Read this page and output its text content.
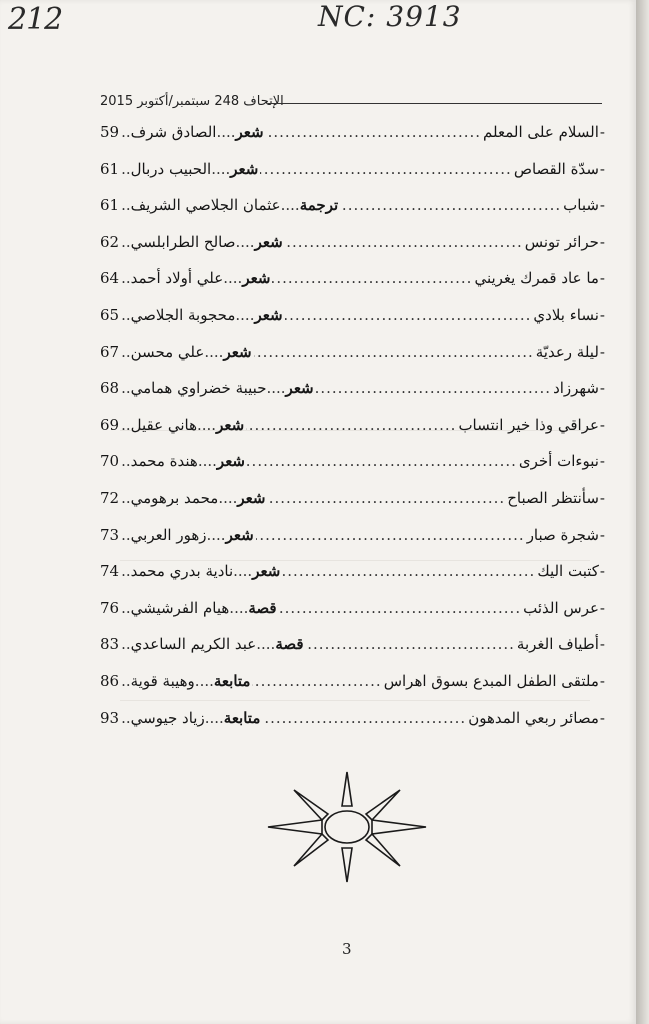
212	NC: 3913
الإتحاف 248 سبتمبر/أكتوبر 2015
-
السلام على المعلم
.....
شعر
....
الصادق شرف
..
59
-
سدّة القصاص
.....
شعر
....
الحبيب دربال
..
61
-
شباب
.....
ترجمة
....
عثمان الجلاصي الشريف
..
61
-
حرائر تونس
.....
شعر
....
صالح الطرابلسي
..
62
-
ما عاد قمرك يغريني
.....
شعر
....
علي أولاد أحمد
..
64
-
نساء بلادي
.....
شعر
....
محجوبة الجلاصي
..
65
-
ليلة رعديّة
.....
شعر
....
علي محسن
..
67
-
شهرزاد
.....
شعر
....
حبيبة خضراوي همامي
..
68
-
عراقي وذا خير انتساب
.....
شعر
....
هاني عقيل
..
69
-
نبوءات أخرى
.....
شعر
....
هندة محمد
..
70
-
سأنتظر الصباح
.....
شعر
....
محمد برهومي
..
72
-
شجرة صبار
.....
شعر
....
زهور العربي
..
73
-
كتبت اليك
.....
شعر
....
نادية بدري محمد
..
74
-
عرس الذئب
.....
قصة
....
هيام الفرشيشي
..
76
-
أطياف الغربة
.....
قصة
....
عبد الكريم الساعدي
..
83
-
ملتقى الطفل المبدع بسوق اهراس
.....
متابعة
....
وهيبة قوية
..
86
-
مصائر ربعي المدهون
.....
متابعة
....
زياد جيوسي
..
93
3
